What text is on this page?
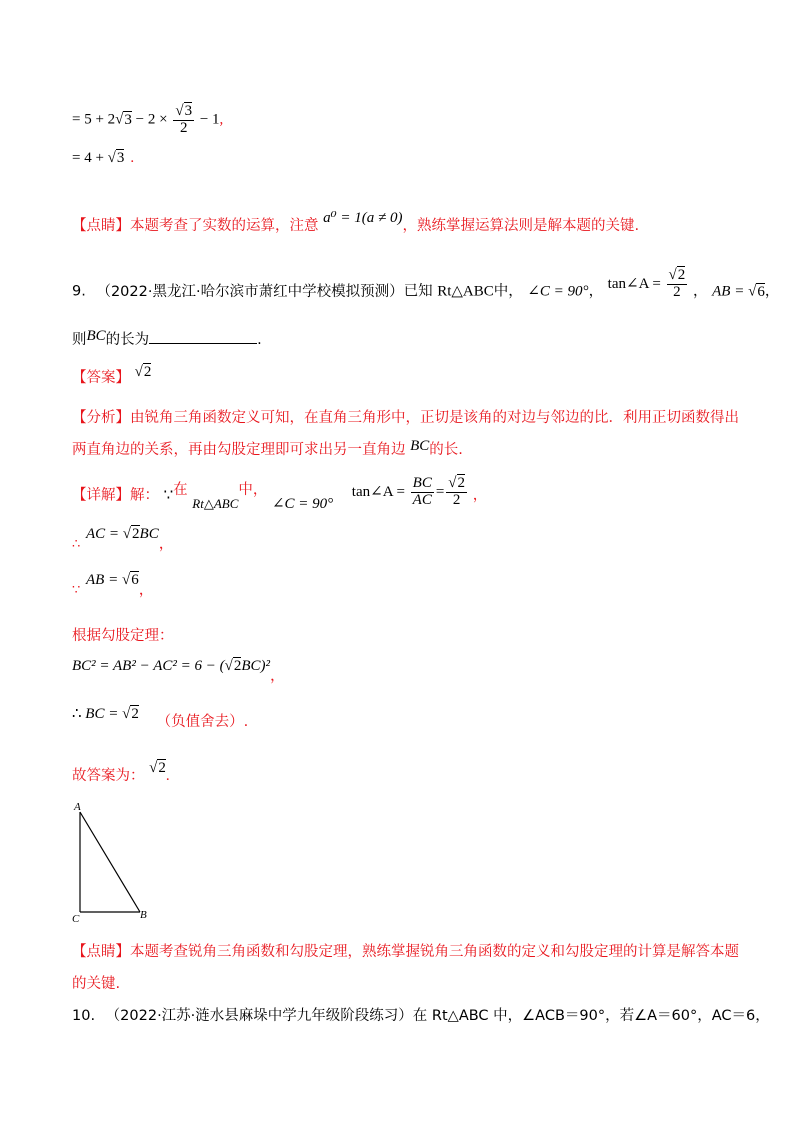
= $5 + 2√3 - 2 \times \frac{√3}{2} - 1$,
= 4 + √3 .
【点睛】本题考查了实数的运算，注意 a⁰ = 1(a ≠ 0)，熟练掌握运算法则是解本题的关键.
9. （2022·黑龙江·哈尔滨市萧红中学校模拟预测）已知 Rt△ABC中， ∠C = 90°， tan∠A = $\frac{√2}{2}$ ， AB = √6，
则BC的长为	.
【答案】 √2
【分析】由锐角三角函数定义可知，在直角三角形中，正切是该角的对边与邻边的比．利用正切函数得出
两直角边的关系，再由勾股定理即可求出另一直角边 BC的长.
【详解】解： ∵在 Rt△ABC中， ∠C = 90° tan∠A = $\frac{BC}{AC} = \frac{√2}{2}$ ，
∴
AC = √2BC，
∵
AB = √6，
根据勾股定理：
BC² = AB² − AC² = 6 − (√2BC)²，
∴ BC = √2 （负值舍去）.
故答案为： √2.
A
C	B
【点睛】本题考查锐角三角函数和勾股定理，熟练掌握锐角三角函数的定义和勾股定理的计算是解答本题
的关键.
10. （2022·江苏·涟水县麻垛中学九年级阶段练习）在 Rt△ABC 中，∠ACB＝90°，若∠A＝60°，AC＝6，
